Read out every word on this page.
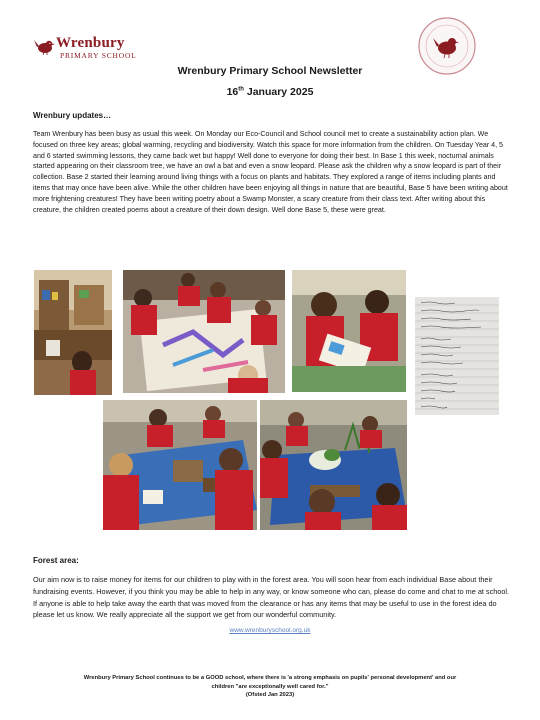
Wrenbury
PRIMARY SCHOOL
Wrenbury Primary School Newsletter
16th January 2025
Wrenbury updates…
Team Wrenbury has been busy as usual this week. On Monday our Eco-Council and School council met to create a sustainability action plan. We focused on three key areas; global warming, recycling and biodiversity. Watch this space for more information from the children. On Tuesday Year 4, 5 and 6 started swimming lessons, they came back wet but happy! Well done to everyone for doing their best. In Base 1 this week, nocturnal animals started appearing on their classroom tree, we have an owl a bat and even a snow leopard. Please ask the children why a snow leopard is part of their collection. Base 2 started their learning around living things with a focus on plants and habitats. They explored a range of items including plants and items that may once have been alive. While the other children have been enjoying all things in nature that are beautiful, Base 5 have been writing about more frightening creatures! They have been writing poetry about a Swamp Monster, a scary creature from their class text. After writing about this creature, the children created poems about a creature of their down design. Well done Base 5, these were great.
Forest area:
Our aim now is to raise money for items for our children to play with in the forest area. You will soon hear from each individual Base about their fundraising events. However, if you think you may be able to help in any way, or know someone who can, please do come and chat to me at school. If anyone is able to help take away the earth that was moved from the clearance or has any items that may be useful to use in the forest idea do please let us know. We really appreciate all the support we get from our wonderful community.
www.wrenburyschool.org.uk
Wrenbury Primary School continues to be a GOOD school, where there is 'a strong emphasis on pupils' personal development' and our
children "are exceptionally well cared for."
(Ofsted Jan 2023)
